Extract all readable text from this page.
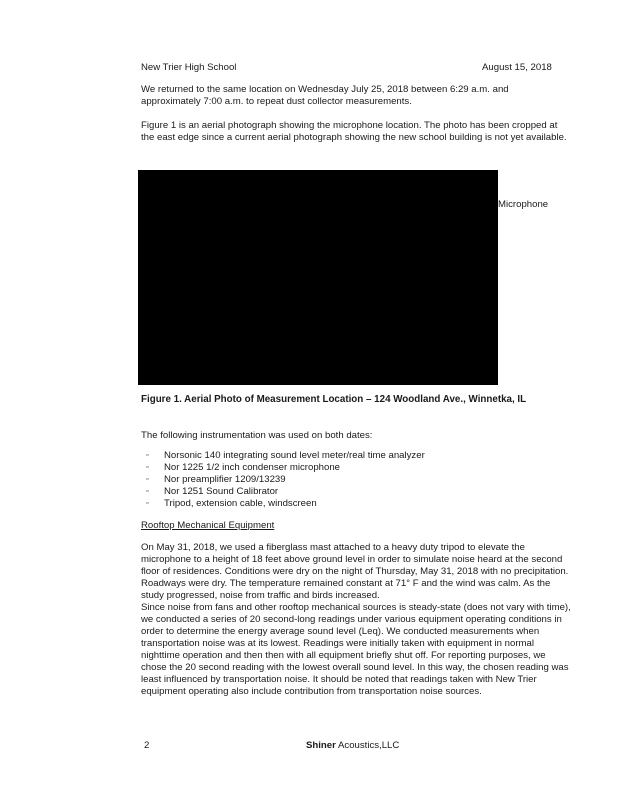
New Trier High School	August 15, 2018
We returned to the same location on Wednesday July 25, 2018 between 6:29 a.m. and approximately 7:00 a.m. to repeat dust collector measurements.
Figure 1 is an aerial photograph showing the microphone location. The photo has been cropped at the east edge since a current aerial photograph showing the new school building is not yet available.
Microphone
Figure 1. Aerial Photo of Measurement Location – 124 Woodland Ave., Winnetka, IL
The following instrumentation was used on both dates:
▫ Norsonic 140 integrating sound level meter/real time analyzer
▫ Nor 1225 1/2 inch condenser microphone
▫ Nor preamplifier 1209/13239
▫ Nor 1251 Sound Calibrator
▫ Tripod, extension cable, windscreen
Rooftop Mechanical Equipment
On May 31, 2018, we used a fiberglass mast attached to a heavy duty tripod to elevate the microphone to a height of 18 feet above ground level in order to simulate noise heard at the second floor of residences. Conditions were dry on the night of Thursday, May 31, 2018 with no precipitation. Roadways were dry. The temperature remained constant at 71° F and the wind was calm. As the study progressed, noise from traffic and birds increased.
Since noise from fans and other rooftop mechanical sources is steady-state (does not vary with time), we conducted a series of 20 second-long readings under various equipment operating conditions in order to determine the energy average sound level (Leq). We conducted measurements when transportation noise was at its lowest. Readings were initially taken with equipment in normal nighttime operation and then then with all equipment briefly shut off. For reporting purposes, we chose the 20 second reading with the lowest overall sound level. In this way, the chosen reading was least influenced by transportation noise. It should be noted that readings taken with New Trier equipment operating also include contribution from transportation noise sources.
2	Shiner Acoustics,LLC
